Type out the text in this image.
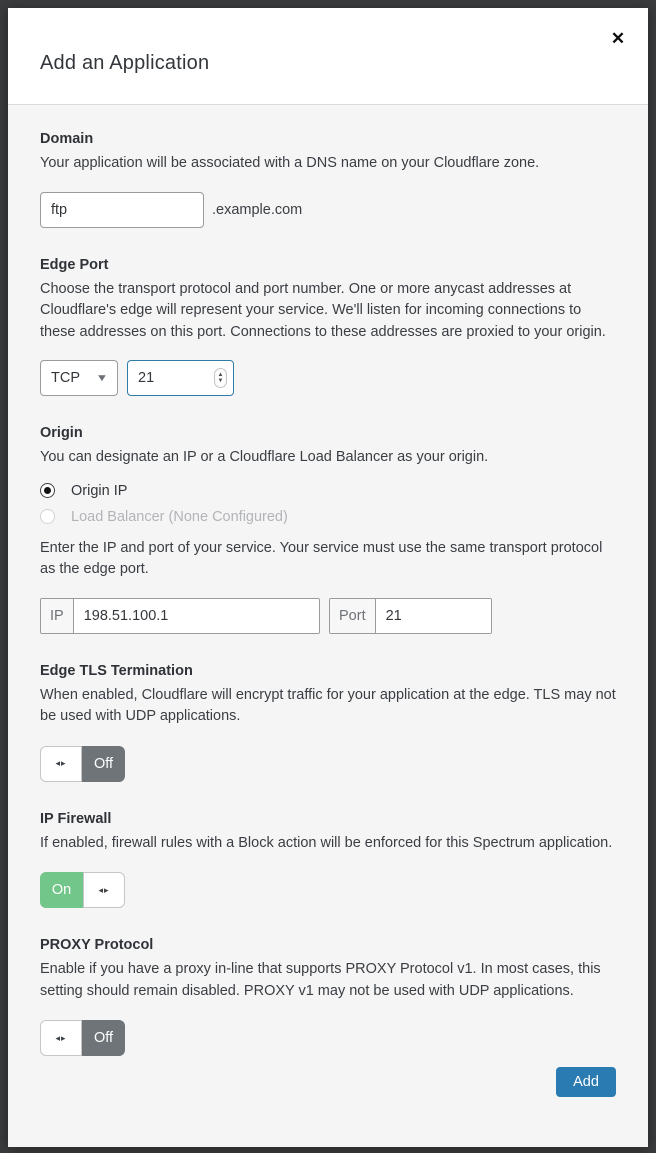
Add an Application
✕
Domain
Your application will be associated with a DNS name on your Cloudflare zone.
ftp
.example.com
Edge Port
Choose the transport protocol and port number. One or more anycast addresses at Cloudflare's edge will represent your service. We'll listen for incoming connections to these addresses on this port. Connections to these addresses are proxied to your origin.
TCP ▼
21	▲
▼
Origin
You can designate an IP or a Cloudflare Load Balancer as your origin.
Origin IP
Load Balancer (None Configured)
Enter the IP and port of your service. Your service must use the same transport protocol as the edge port.
IP
198.51.100.1	Port
21
Edge TLS Termination
When enabled, Cloudflare will encrypt traffic for your application at the edge. TLS may not be used with UDP applications.
◂▸	Off
IP Firewall
If enabled, firewall rules with a Block action will be enforced for this Spectrum application.
On	◂▸
PROXY Protocol
Enable if you have a proxy in-line that supports PROXY Protocol v1. In most cases, this setting should remain disabled. PROXY v1 may not be used with UDP applications.
◂▸	Off
Add
